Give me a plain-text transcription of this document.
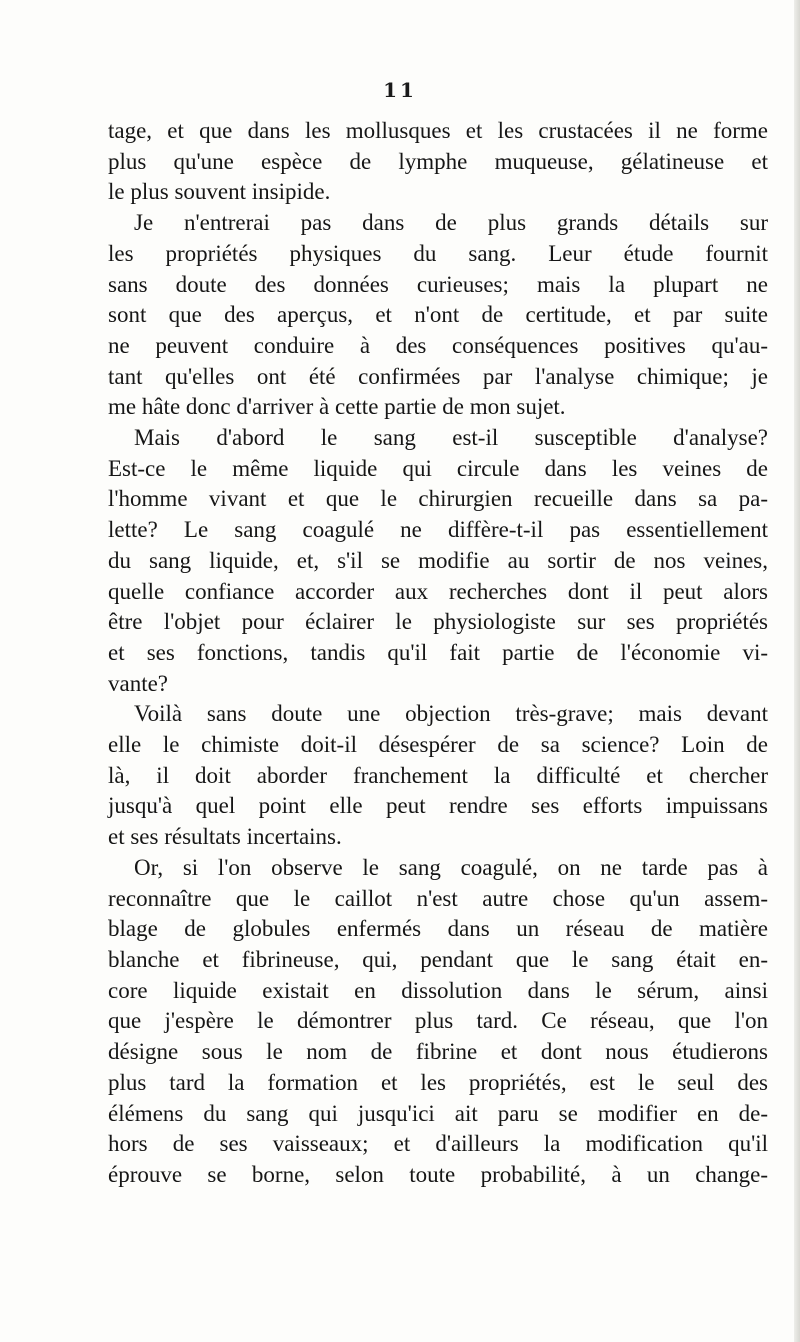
11

tage, et que dans les mollusques et les crustacées il ne forme

plus qu'une espèce de lymphe muqueuse, gélatineuse et

le plus souvent insipide.

Je n'entrerai pas dans de plus grands détails sur

les propriétés physiques du sang. Leur étude fournit

sans doute des données curieuses; mais la plupart ne

sont que des aperçus, et n'ont de certitude, et par suite

ne peuvent conduire à des conséquences positives qu'au-

tant qu'elles ont été confirmées par l'analyse chimique; je

me hâte donc d'arriver à cette partie de mon sujet.

Mais d'abord le sang est-il susceptible d'analyse?

Est-ce le même liquide qui circule dans les veines de

l'homme vivant et que le chirurgien recueille dans sa pa-

lette? Le sang coagulé ne diffère-t-il pas essentiellement

du sang liquide, et, s'il se modifie au sortir de nos veines,

quelle confiance accorder aux recherches dont il peut alors

être l'objet pour éclairer le physiologiste sur ses propriétés

et ses fonctions, tandis qu'il fait partie de l'économie vi-

vante?

Voilà sans doute une objection très-grave; mais devant

elle le chimiste doit-il désespérer de sa science? Loin de

là, il doit aborder franchement la difficulté et chercher

jusqu'à quel point elle peut rendre ses efforts impuissans

et ses résultats incertains.

Or, si l'on observe le sang coagulé, on ne tarde pas à

reconnaître que le caillot n'est autre chose qu'un assem-

blage de globules enfermés dans un réseau de matière

blanche et fibrineuse, qui, pendant que le sang était en-

core liquide existait en dissolution dans le sérum, ainsi

que j'espère le démontrer plus tard. Ce réseau, que l'on

désigne sous le nom de fibrine et dont nous étudierons

plus tard la formation et les propriétés, est le seul des

élémens du sang qui jusqu'ici ait paru se modifier en de-

hors de ses vaisseaux; et d'ailleurs la modification qu'il

éprouve se borne, selon toute probabilité, à un change-
